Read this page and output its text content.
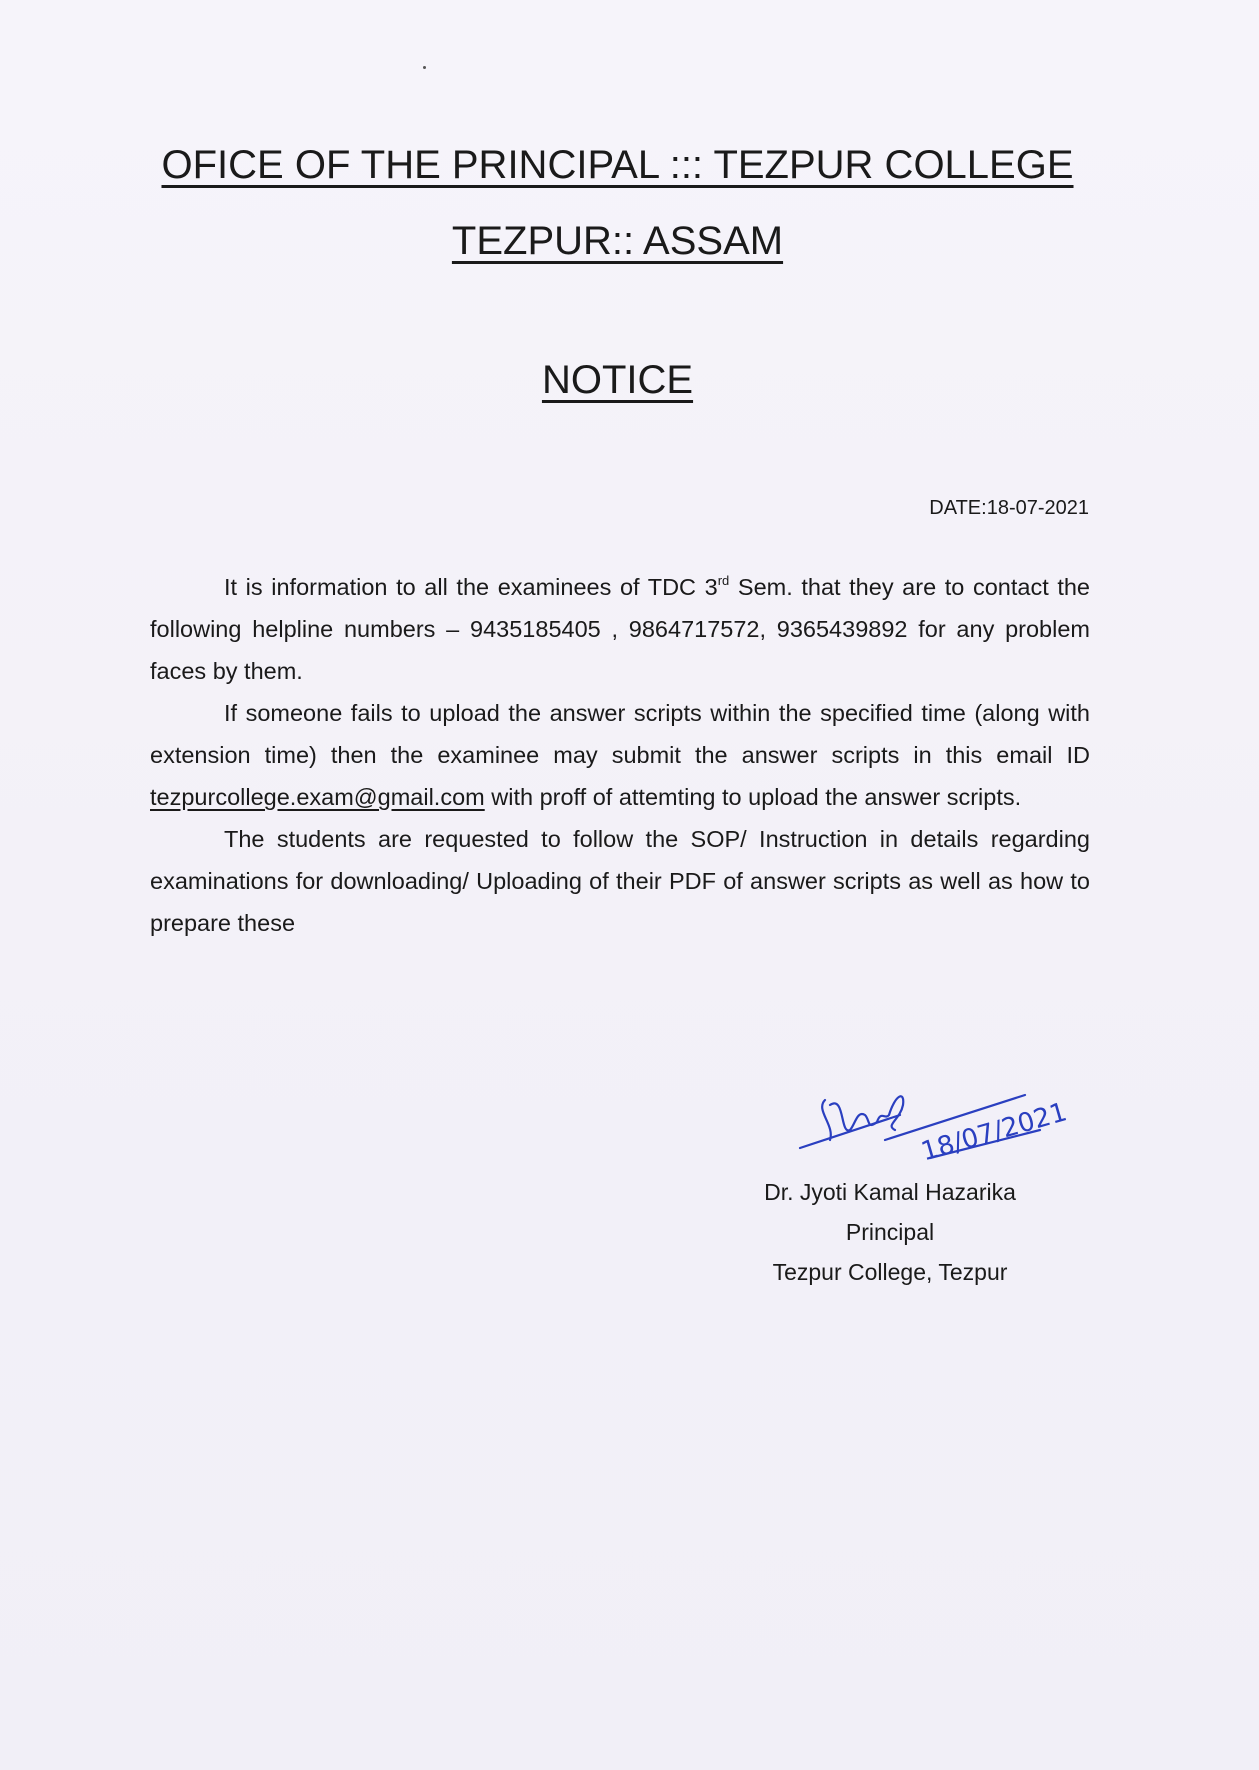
OFICE OF THE PRINCIPAL ::: TEZPUR COLLEGE
TEZPUR:: ASSAM
NOTICE
DATE:18-07-2021

It is information to all the examinees of TDC 3rd Sem. that they are to contact the following helpline numbers – 9435185405 , 9864717572, 9365439892 for any problem faces by them.

If someone fails to upload the answer scripts within the specified time (along with extension time) then the examinee may submit the answer scripts in this email ID tezpurcollege.exam@gmail.com with proff of attemting to upload the answer scripts.

The students are requested to follow the SOP/ Instruction in details regarding examinations for downloading/ Uploading of their PDF of answer scripts as well as how to prepare these

18/07/2021
Dr. Jyoti Kamal Hazarika
Principal
Tezpur College, Tezpur
